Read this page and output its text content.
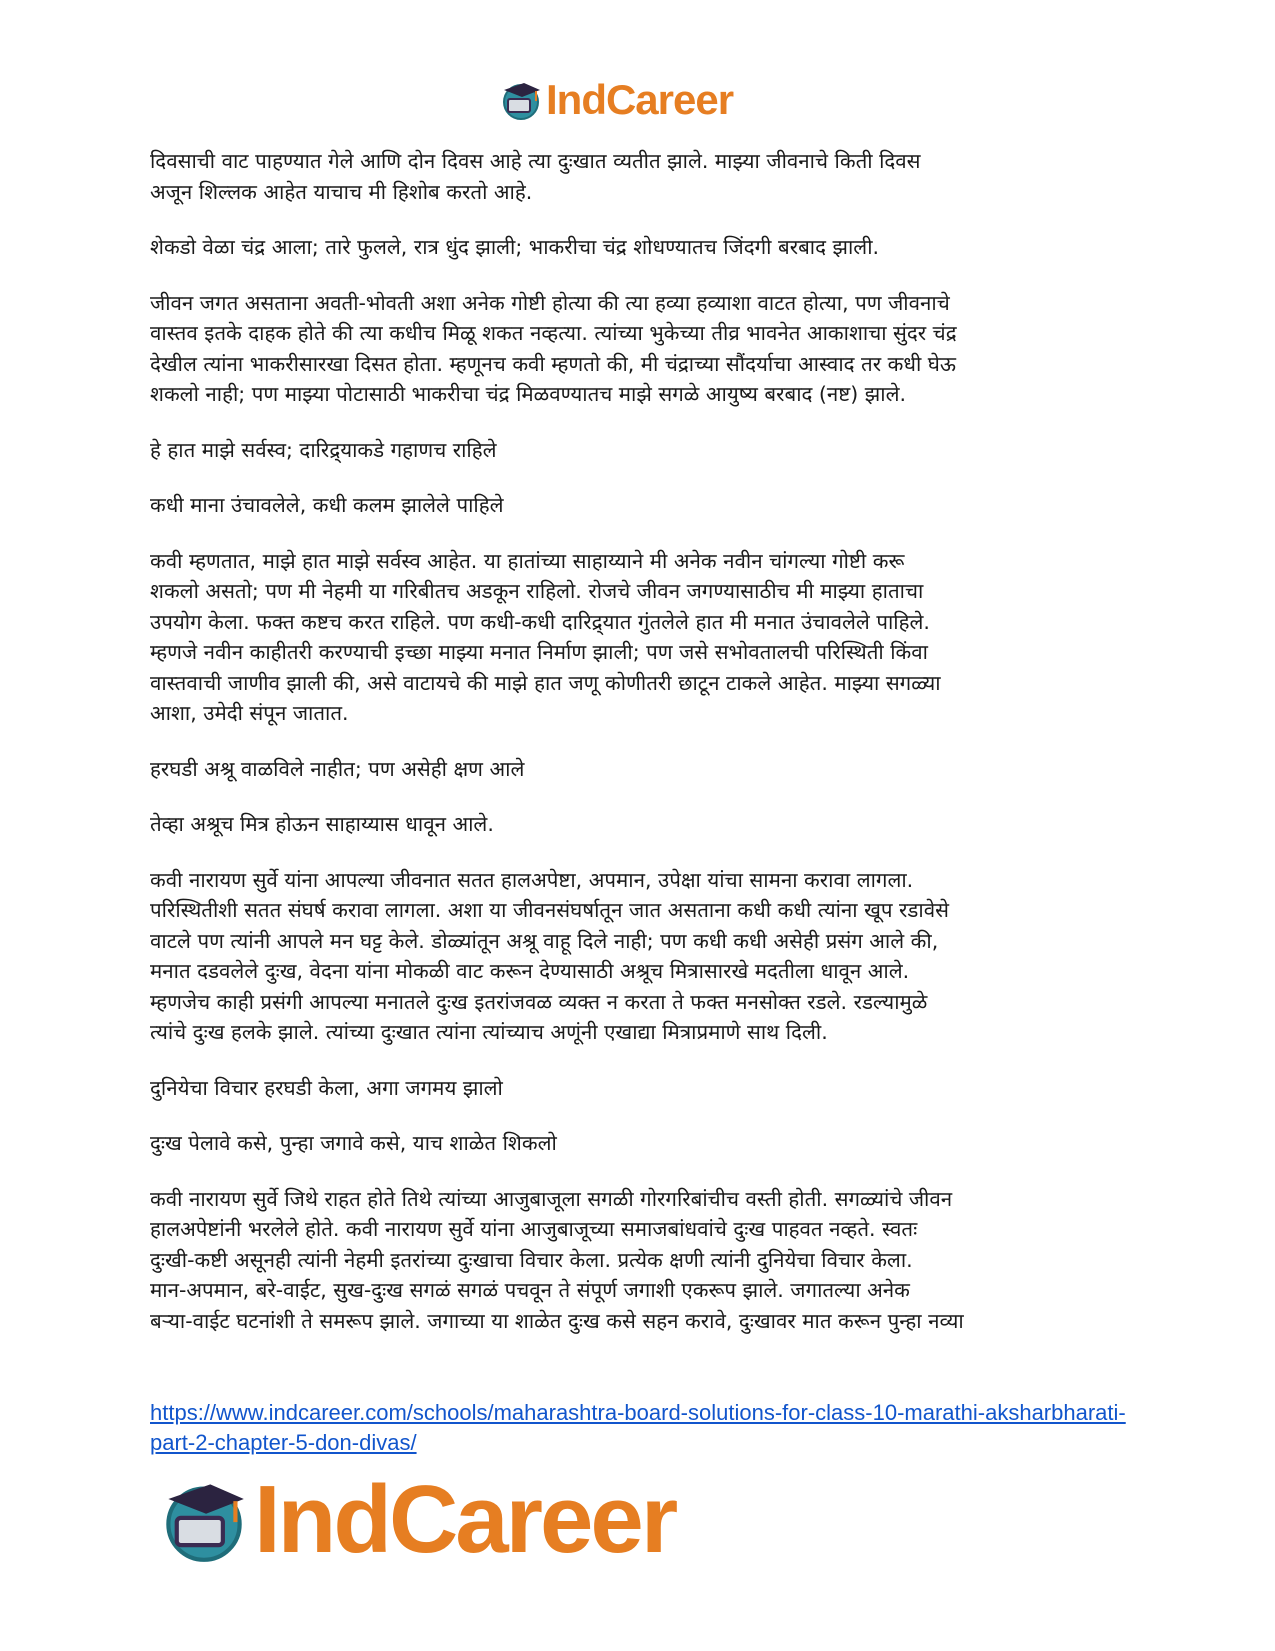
IndCareer

दिवसाची वाट पाहण्यात गेले आणि दोन दिवस आहे त्या दुःखात व्यतीत झाले. माझ्या जीवनाचे किती दिवस
अजून शिल्लक आहेत याचाच मी हिशोब करतो आहे.

शेकडो वेळा चंद्र आला; तारे फुलले, रात्र धुंद झाली; भाकरीचा चंद्र शोधण्यातच जिंदगी बरबाद झाली.

जीवन जगत असताना अवती-भोवती अशा अनेक गोष्टी होत्या की त्या हव्या हव्याशा वाटत होत्या, पण जीवनाचे
वास्तव इतके दाहक होते की त्या कधीच मिळू शकत नव्हत्या. त्यांच्या भुकेच्या तीव्र भावनेत आकाशाचा सुंदर चंद्र
देखील त्यांना भाकरीसारखा दिसत होता. म्हणूनच कवी म्हणतो की, मी चंद्राच्या सौंदर्याचा आस्वाद तर कधी घेऊ
शकलो नाही; पण माझ्या पोटासाठी भाकरीचा चंद्र मिळवण्यातच माझे सगळे आयुष्य बरबाद (नष्ट) झाले.

हे हात माझे सर्वस्व; दारिद्र्याकडे गहाणच राहिले

कधी माना उंचावलेले, कधी कलम झालेले पाहिले

कवी म्हणतात, माझे हात माझे सर्वस्व आहेत. या हातांच्या साहाय्याने मी अनेक नवीन चांगल्या गोष्टी करू
शकलो असतो; पण मी नेहमी या गरिबीतच अडकून राहिलो. रोजचे जीवन जगण्यासाठीच मी माझ्या हाताचा
उपयोग केला. फक्त कष्टच करत राहिले. पण कधी-कधी दारिद्र्यात गुंतलेले हात मी मनात उंचावलेले पाहिले.
म्हणजे नवीन काहीतरी करण्याची इच्छा माझ्या मनात निर्माण झाली; पण जसे सभोवतालची परिस्थिती किंवा
वास्तवाची जाणीव झाली की, असे वाटायचे की माझे हात जणू कोणीतरी छाटून टाकले आहेत. माझ्या सगळ्या
आशा, उमेदी संपून जातात.

हरघडी अश्रू वाळविले नाहीत; पण असेही क्षण आले

तेव्हा अश्रूच मित्र होऊन साहाय्यास धावून आले.

कवी नारायण सुर्वे यांना आपल्या जीवनात सतत हालअपेष्टा, अपमान, उपेक्षा यांचा सामना करावा लागला.
परिस्थितीशी सतत संघर्ष करावा लागला. अशा या जीवनसंघर्षातून जात असताना कधी कधी त्यांना खूप रडावेसे
वाटले पण त्यांनी आपले मन घट्ट केले. डोळ्यांतून अश्रू वाहू दिले नाही; पण कधी कधी असेही प्रसंग आले की,
मनात दडवलेले दुःख, वेदना यांना मोकळी वाट करून देण्यासाठी अश्रूच मित्रासारखे मदतीला धावून आले.
म्हणजेच काही प्रसंगी आपल्या मनातले दुःख इतरांजवळ व्यक्त न करता ते फक्त मनसोक्त रडले. रडल्यामुळे
त्यांचे दुःख हलके झाले. त्यांच्या दुःखात त्यांना त्यांच्याच अणूंनी एखाद्या मित्राप्रमाणे साथ दिली.

दुनियेचा विचार हरघडी केला, अगा जगमय झालो

दुःख पेलावे कसे, पुन्हा जगावे कसे, याच शाळेत शिकलो

कवी नारायण सुर्वे जिथे राहत होते तिथे त्यांच्या आजुबाजूला सगळी गोरगरिबांचीच वस्ती होती. सगळ्यांचे जीवन
हालअपेष्टांनी भरलेले होते. कवी नारायण सुर्वे यांना आजुबाजूच्या समाजबांधवांचे दुःख पाहवत नव्हते. स्वतः
दुःखी-कष्टी असूनही त्यांनी नेहमी इतरांच्या दुःखाचा विचार केला. प्रत्येक क्षणी त्यांनी दुनियेचा विचार केला.
मान-अपमान, बरे-वाईट, सुख-दुःख सगळं सगळं पचवून ते संपूर्ण जगाशी एकरूप झाले. जगातल्या अनेक
बऱ्या-वाईट घटनांशी ते समरूप झाले. जगाच्या या शाळेत दुःख कसे सहन करावे, दुःखावर मात करून पुन्हा नव्या

https://www.indcareer.com/schools/maharashtra-board-solutions-for-class-10-marathi-aksharbharati-part-2-chapter-5-don-divas/
IndCareer
